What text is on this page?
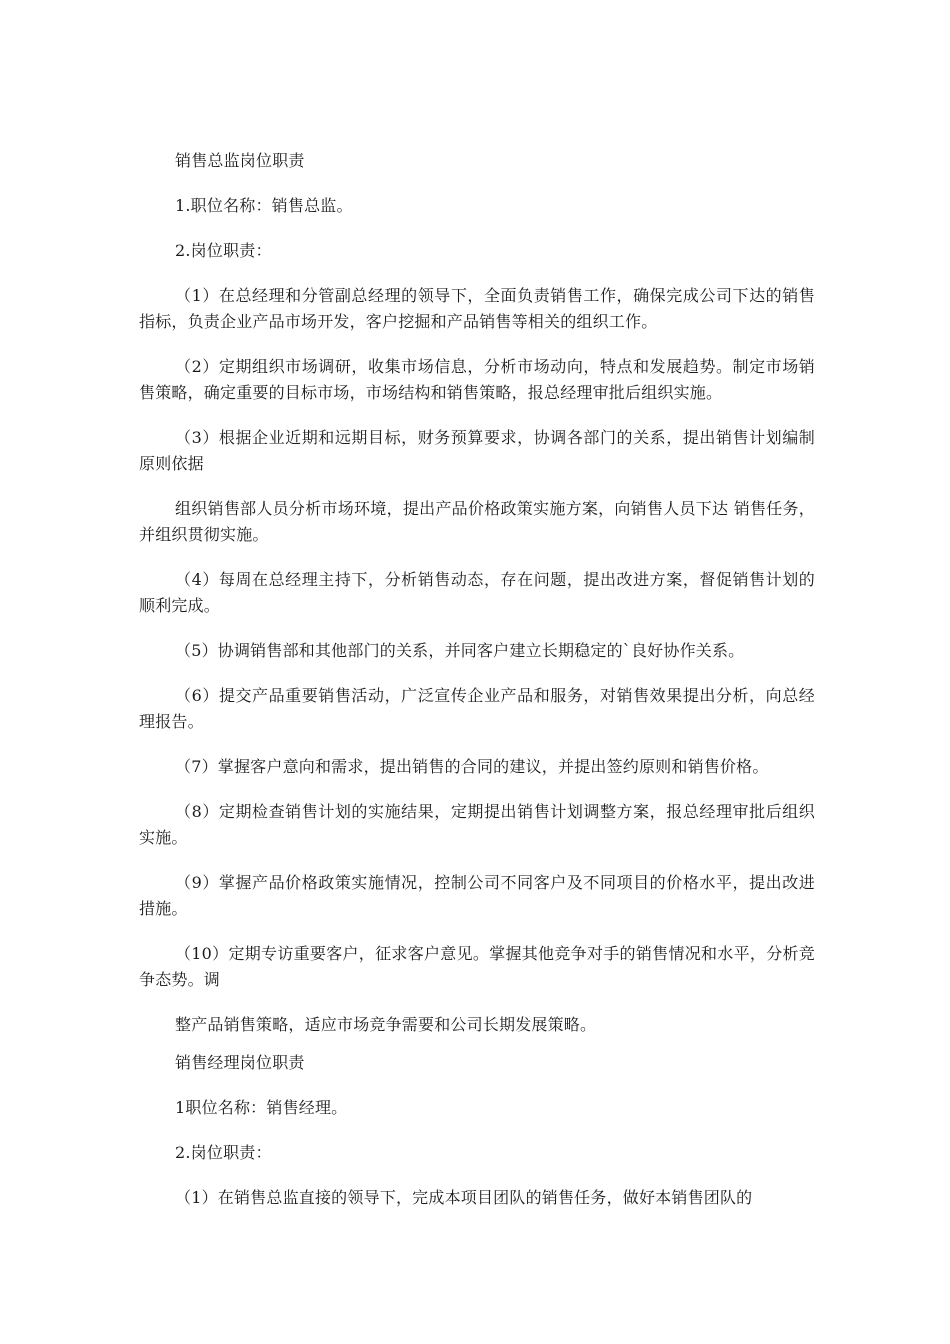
销售总监岗位职责

1.职位名称：销售总监。

2.岗位职责：

（1）在总经理和分管副总经理的领导下，全面负责销售工作，确保完成公司下达的销售指标，负责企业产品市场开发，客户挖掘和产品销售等相关的组织工作。

（2）定期组织市场调研，收集市场信息，分析市场动向，特点和发展趋势。制定市场销售策略，确定重要的目标市场，市场结构和销售策略，报总经理审批后组织实施。

（3）根据企业近期和远期目标，财务预算要求，协调各部门的关系，提出销售计划编制原则依据

组织销售部人员分析市场环境，提出产品价格政策实施方案，向销售人员下达 销售任务，并组织贯彻实施。

（4）每周在总经理主持下，分析销售动态，存在问题，提出改进方案，督促销售计划的顺利完成。

（5）协调销售部和其他部门的关系，并同客户建立长期稳定的`良好协作关系。

（6）提交产品重要销售活动，广泛宣传企业产品和服务，对销售效果提出分析，向总经理报告。

（7）掌握客户意向和需求，提出销售的合同的建议，并提出签约原则和销售价格。

（8）定期检查销售计划的实施结果，定期提出销售计划调整方案，报总经理审批后组织实施。

（9）掌握产品价格政策实施情况，控制公司不同客户及不同项目的价格水平，提出改进措施。

（10）定期专访重要客户，征求客户意见。掌握其他竞争对手的销售情况和水平，分析竞争态势。调

整产品销售策略，适应市场竞争需要和公司长期发展策略。

销售经理岗位职责

1职位名称：销售经理。

2.岗位职责：

（1）在销售总监直接的领导下，完成本项目团队的销售任务，做好本销售团队的
